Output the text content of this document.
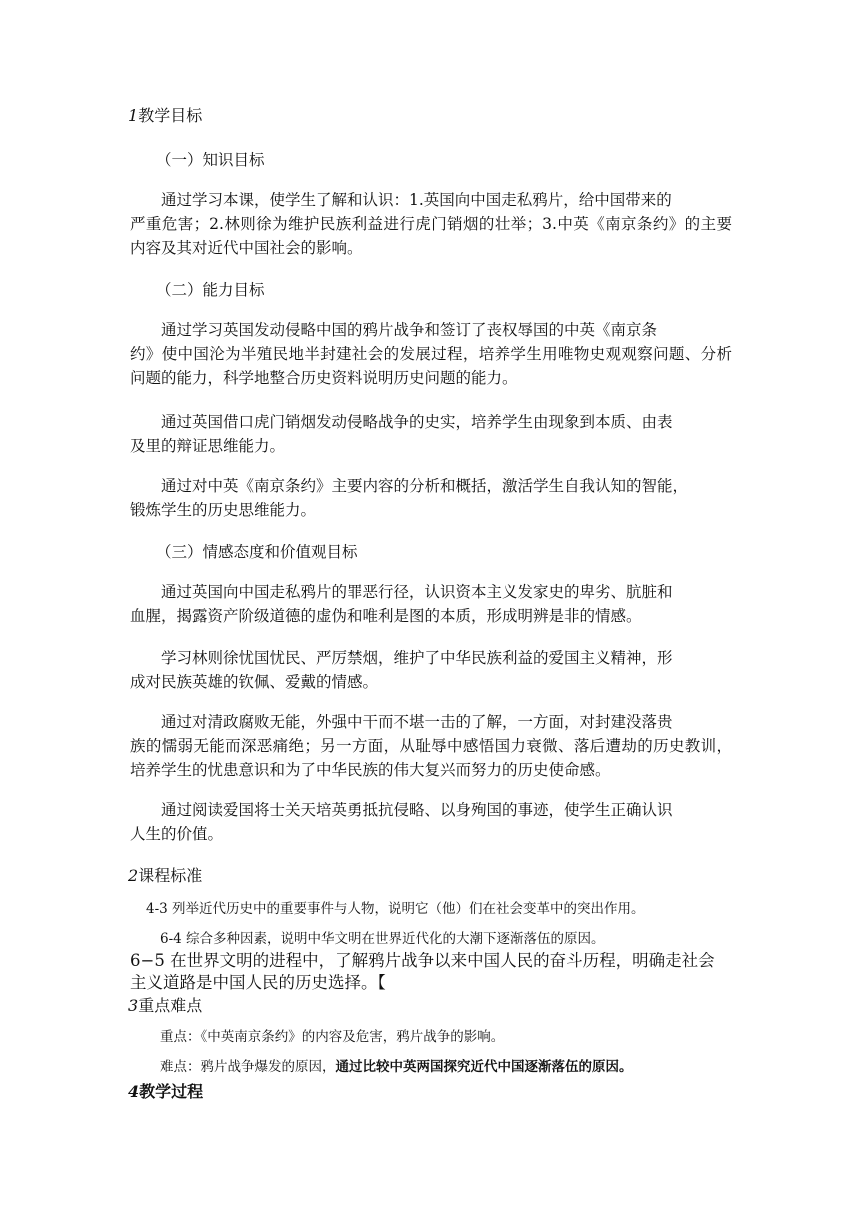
1教学目标
（一）知识目标
通过学习本课，使学生了解和认识：1.英国向中国走私鸦片，给中国带来的
严重危害；2.林则徐为维护民族利益进行虎门销烟的壮举；3.中英《南京条约》的主要内容及其对近代中国社会的影响。
（二）能力目标
通过学习英国发动侵略中国的鸦片战争和签订了丧权辱国的中英《南京条
约》使中国沦为半殖民地半封建社会的发展过程，培养学生用唯物史观观察问题、分析问题的能力，科学地整合历史资料说明历史问题的能力。
通过英国借口虎门销烟发动侵略战争的史实，培养学生由现象到本质、由表
及里的辩证思维能力。
通过对中英《南京条约》主要内容的分析和概括，激活学生自我认知的智能，
锻炼学生的历史思维能力。
（三）情感态度和价值观目标
通过英国向中国走私鸦片的罪恶行径，认识资本主义发家史的卑劣、肮脏和
血腥，揭露资产阶级道德的虚伪和唯利是图的本质，形成明辨是非的情感。
学习林则徐忧国忧民、严厉禁烟，维护了中华民族利益的爱国主义精神，形
成对民族英雄的钦佩、爱戴的情感。
通过对清政腐败无能，外强中干而不堪一击的了解，一方面，对封建没落贵
族的懦弱无能而深恶痛绝；另一方面，从耻辱中感悟国力衰微、落后遭劫的历史教训，培养学生的忧患意识和为了中华民族的伟大复兴而努力的历史使命感。
通过阅读爱国将士关天培英勇抵抗侵略、以身殉国的事迹，使学生正确认识
人生的价值。
2课程标准
4-3 列举近代历史中的重要事件与人物，说明它（他）们在社会变革中的突出作用。
6-4 综合多种因素，说明中华文明在世界近代化的大潮下逐渐落伍的原因。
6−5 在世界文明的进程中，了解鸦片战争以来中国人民的奋斗历程，明确走社会
主义道路是中国人民的历史选择。【
3重点难点
重点：《中英南京条约》的内容及危害，鸦片战争的影响。
难点：鸦片战争爆发的原因，通过比较中英两国探究近代中国逐渐落伍的原因。
4教学过程
